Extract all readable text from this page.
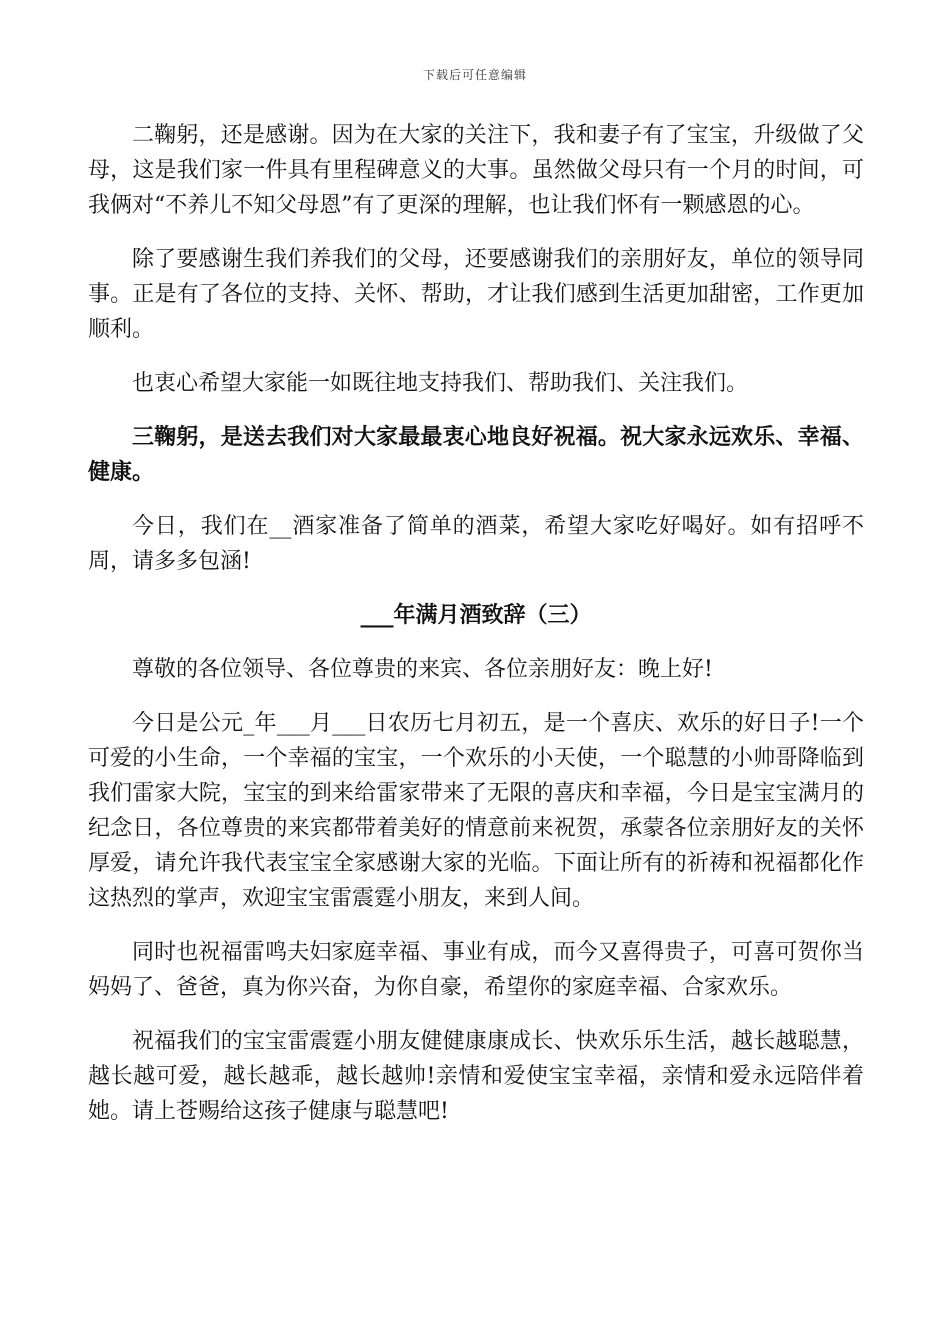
下载后可任意编辑

二鞠躬，还是感谢。因为在大家的关注下，我和妻子有了宝宝，升级做了父母，这是我们家一件具有里程碑意义的大事。虽然做父母只有一个月的时间，可我俩对“不养儿不知父母恩”有了更深的理解，也让我们怀有一颗感恩的心。

除了要感谢生我们养我们的父母，还要感谢我们的亲朋好友，单位的领导同事。正是有了各位的支持、关怀、帮助，才让我们感到生活更加甜密，工作更加顺利。

也衷心希望大家能一如既往地支持我们、帮助我们、关注我们。

三鞠躬，是送去我们对大家最最衷心地良好祝福。祝大家永远欢乐、幸福、健康。

今日，我们在__酒家准备了简单的酒菜，希望大家吃好喝好。如有招呼不周，请多多包涵!

___年满月酒致辞（三）

尊敬的各位领导、各位尊贵的来宾、各位亲朋好友：晚上好!

今日是公元_年___月___日农历七月初五，是一个喜庆、欢乐的好日子!一个可爱的小生命，一个幸福的宝宝，一个欢乐的小天使，一个聪慧的小帅哥降临到我们雷家大院，宝宝的到来给雷家带来了无限的喜庆和幸福，今日是宝宝满月的纪念日，各位尊贵的来宾都带着美好的情意前来祝贺，承蒙各位亲朋好友的关怀厚爱，请允许我代表宝宝全家感谢大家的光临。下面让所有的祈祷和祝福都化作这热烈的掌声，欢迎宝宝雷震霆小朋友，来到人间。

同时也祝福雷鸣夫妇家庭幸福、事业有成，而今又喜得贵子，可喜可贺你当妈妈了、爸爸，真为你兴奋，为你自豪，希望你的家庭幸福、合家欢乐。

祝福我们的宝宝雷震霆小朋友健健康康成长、快欢乐乐生活，越长越聪慧，越长越可爱，越长越乖，越长越帅!亲情和爱使宝宝幸福，亲情和爱永远陪伴着她。请上苍赐给这孩子健康与聪慧吧!
